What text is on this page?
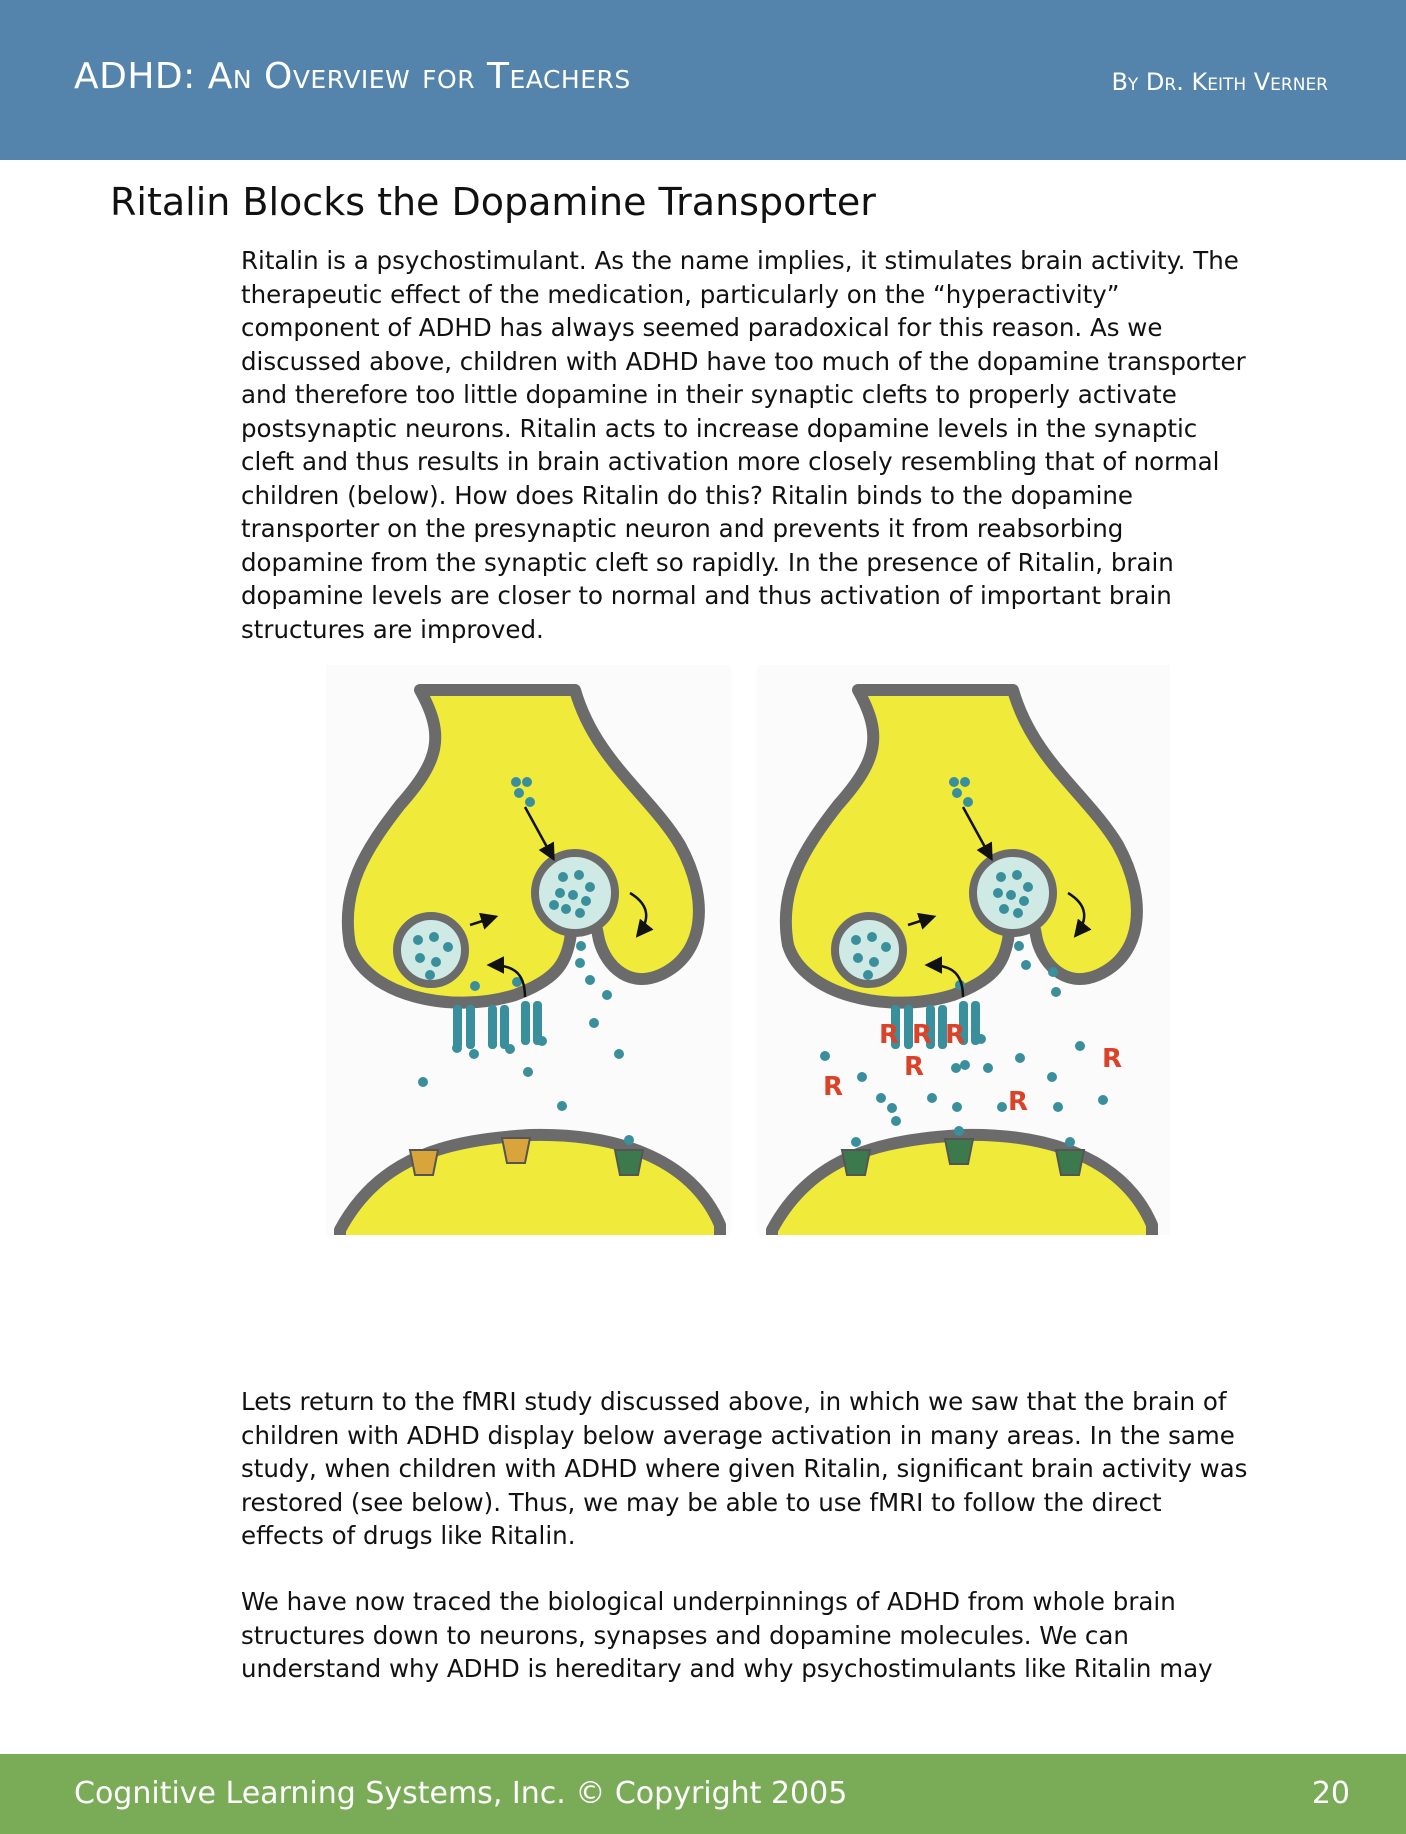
ADHD: An Overview for Teachers	By Dr. Keith Verner
Ritalin Blocks the Dopamine Transporter

Ritalin is a psychostimulant. As the name implies, it stimulates brain activity. The therapeutic effect of the medication, particularly on the “hyperactivity” component of ADHD has always seemed paradoxical for this reason. As we discussed above, children with ADHD have too much of the dopamine transporter and therefore too little dopamine in their synaptic clefts to properly activate postsynaptic neurons. Ritalin acts to increase dopamine levels in the synaptic cleft and thus results in brain activation more closely resembling that of normal children (below). How does Ritalin do this? Ritalin binds to the dopamine transporter on the presynaptic neuron and prevents it from reabsorbing dopamine from the synaptic cleft so rapidly. In the presence of Ritalin, brain dopamine levels are closer to normal and thus activation of important brain structures are improved.

R R R
R
R	R
R
ADHD without Ritalin	ADHD with Ritalin

Lets return to the fMRI study discussed above, in which we saw that the brain of children with ADHD display below average activation in many areas. In the same study, when children with ADHD where given Ritalin, significant brain activity was restored (see below). Thus, we may be able to use fMRI to follow the direct effects of drugs like Ritalin.

We have now traced the biological underpinnings of ADHD from whole brain structures down to neurons, synapses and dopamine molecules. We can understand why ADHD is hereditary and why psychostimulants like Ritalin may

Cognitive Learning Systems, Inc. © Copyright 2005	20
